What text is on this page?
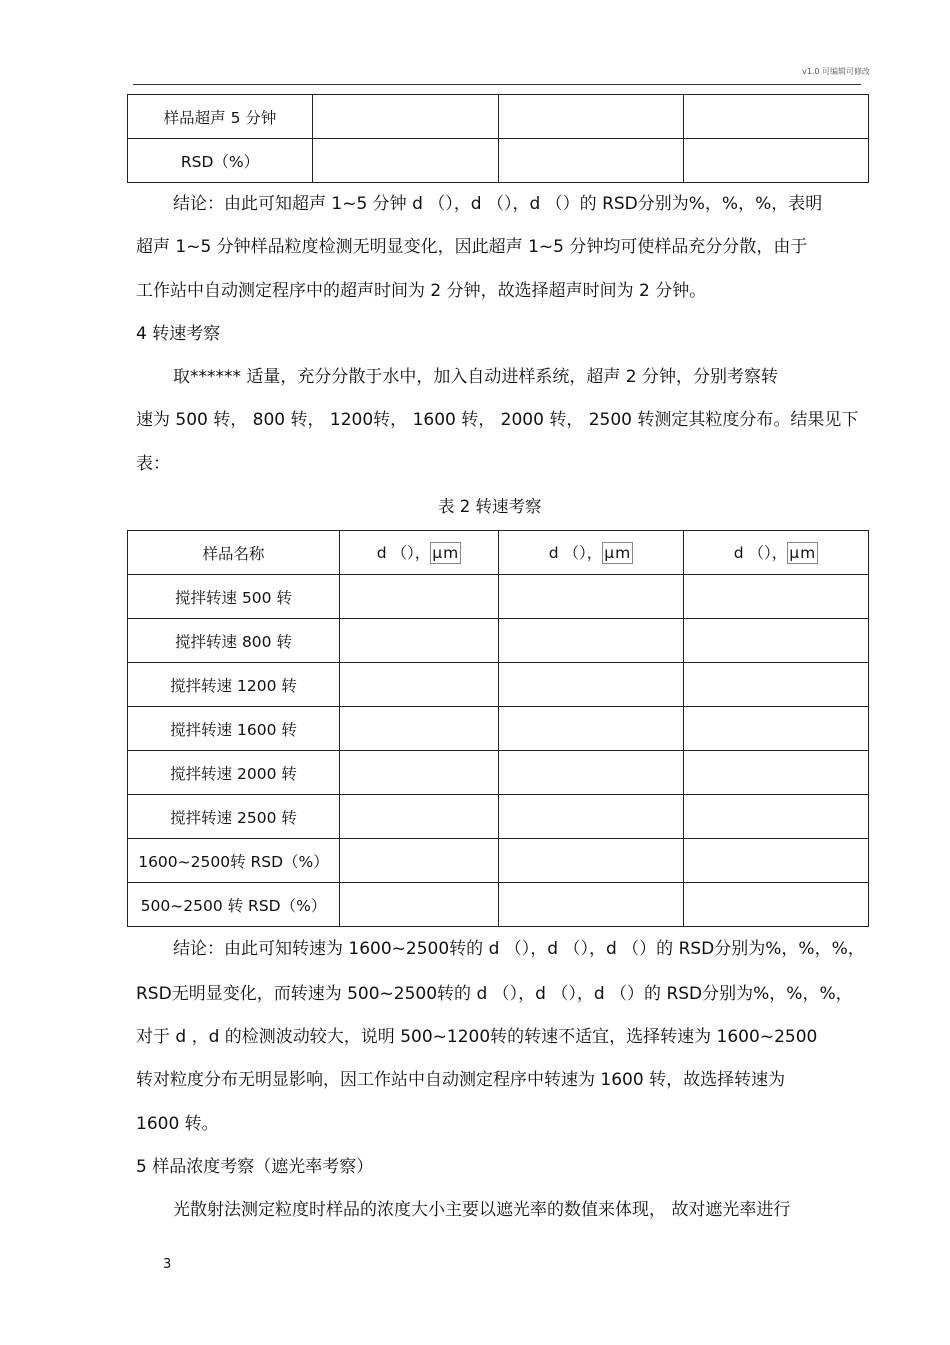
v1.0 可编辑可修改
样品超声 5 分钟			
RSD（%）			
结论：由此可知超声 1~5 分钟 d （），d （），d （）的 RSD分别为%，%，%，表明
超声 1~5 分钟样品粒度检测无明显变化，因此超声 1~5 分钟均可使样品充分分散，由于
工作站中自动测定程序中的超声时间为 2 分钟，故选择超声时间为 2 分钟。
4 转速考察
取****** 适量，充分分散于水中，加入自动进样系统，超声 2 分钟，分别考察转
速为 500 转， 800 转， 1200转， 1600 转， 2000 转， 2500 转测定其粒度分布。结果见下
表：
表 2 转速考察
样品名称	d （）， μm	d （）， μm	d （）， μm
搅拌转速 500 转			
搅拌转速 800 转			
搅拌转速 1200 转			
搅拌转速 1600 转			
搅拌转速 2000 转			
搅拌转速 2500 转			
1600~2500转 RSD（%）			
500~2500 转 RSD（%）			
结论：由此可知转速为 1600~2500转的 d （），d （），d （）的 RSD分别为%，%，%，
RSD无明显变化，而转速为 500~2500转的 d （），d （），d （）的 RSD分别为%，%，%，
对于 d ，d 的检测波动较大，说明 500~1200转的转速不适宜，选择转速为 1600~2500
转对粒度分布无明显影响，因工作站中自动测定程序中转速为 1600 转，故选择转速为
1600 转。
5 样品浓度考察（遮光率考察）
光散射法测定粒度时样品的浓度大小主要以遮光率的数值来体现， 故对遮光率进行
3
